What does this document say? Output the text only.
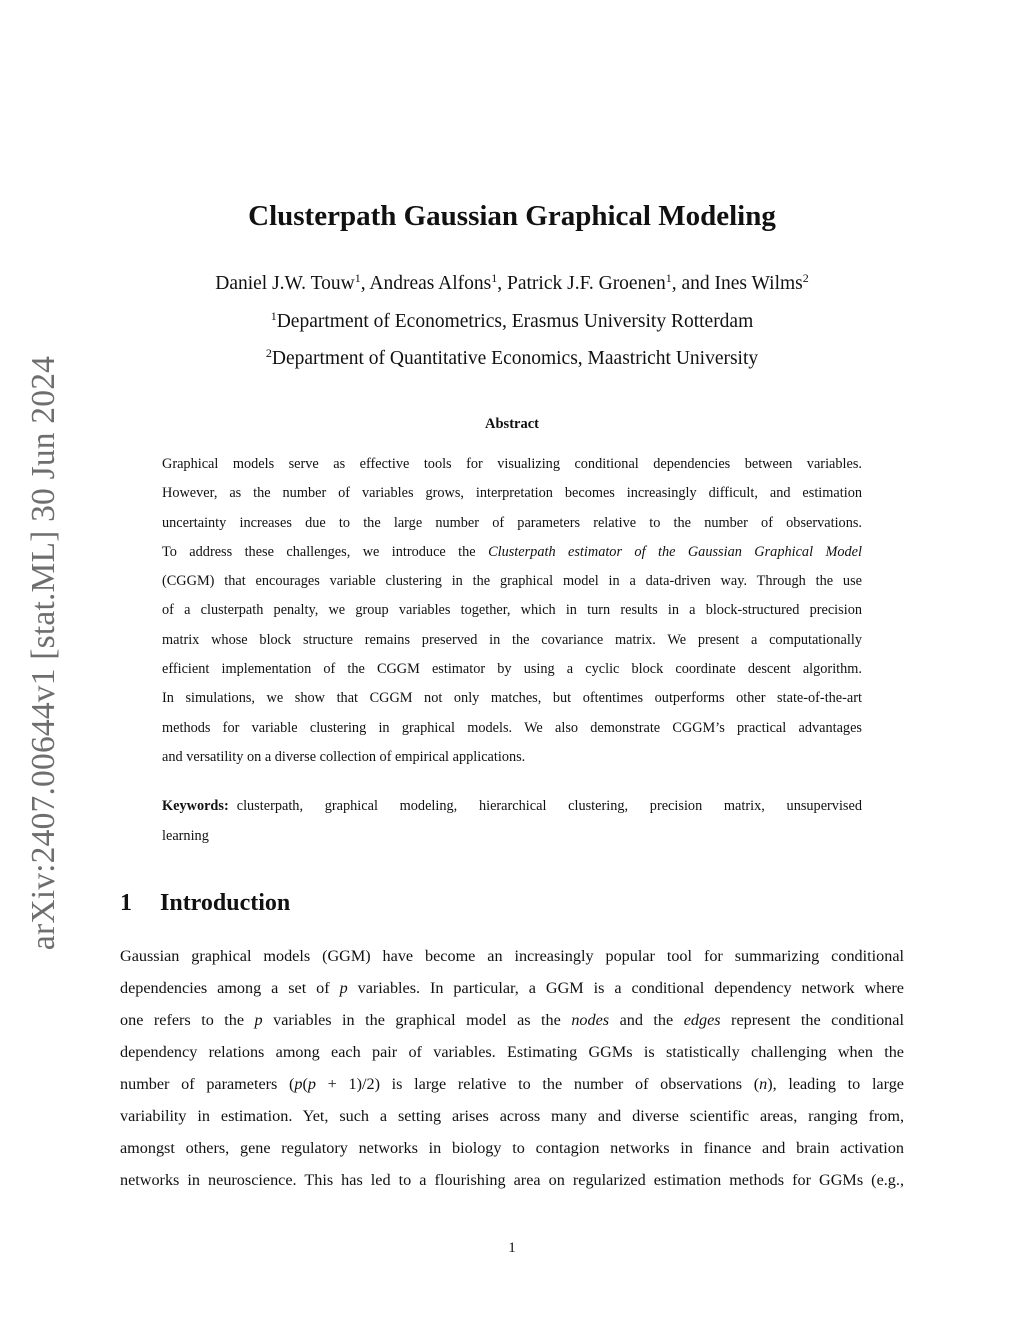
arXiv:2407.00644v1 [stat.ML] 30 Jun 2024
Clusterpath Gaussian Graphical Modeling
Daniel J.W. Touw$^1$, Andreas Alfons$^1$, Patrick J.F. Groenen$^1$, and Ines Wilms$^2$
$^1$Department of Econometrics, Erasmus University Rotterdam
$^2$Department of Quantitative Economics, Maastricht University
Abstract
Graphical models serve as effective tools for visualizing conditional dependencies between variables.
However, as the number of variables grows, interpretation becomes increasingly difficult, and estimation
uncertainty increases due to the large number of parameters relative to the number of observations.
To address these challenges, we introduce the Clusterpath estimator of the Gaussian Graphical Model
(CGGM) that encourages variable clustering in the graphical model in a data-driven way. Through the use
of a clusterpath penalty, we group variables together, which in turn results in a block-structured precision
matrix whose block structure remains preserved in the covariance matrix. We present a computationally
efficient implementation of the CGGM estimator by using a cyclic block coordinate descent algorithm.
In simulations, we show that CGGM not only matches, but oftentimes outperforms other state-of-the-art
methods for variable clustering in graphical models. We also demonstrate CGGM’s practical advantages
and versatility on a diverse collection of empirical applications.
Keywords: clusterpath, graphical modeling, hierarchical clustering, precision matrix, unsupervised
learning
1 Introduction
Gaussian graphical models (GGM) have become an increasingly popular tool for summarizing conditional
dependencies among a set of p variables. In particular, a GGM is a conditional dependency network where
one refers to the p variables in the graphical model as the nodes and the edges represent the conditional
dependency relations among each pair of variables. Estimating GGMs is statistically challenging when the
number of parameters (p(p + 1)/2) is large relative to the number of observations (n), leading to large
variability in estimation. Yet, such a setting arises across many and diverse scientific areas, ranging from,
amongst others, gene regulatory networks in biology to contagion networks in finance and brain activation
networks in neuroscience. This has led to a flourishing area on regularized estimation methods for GGMs (e.g.,
1
